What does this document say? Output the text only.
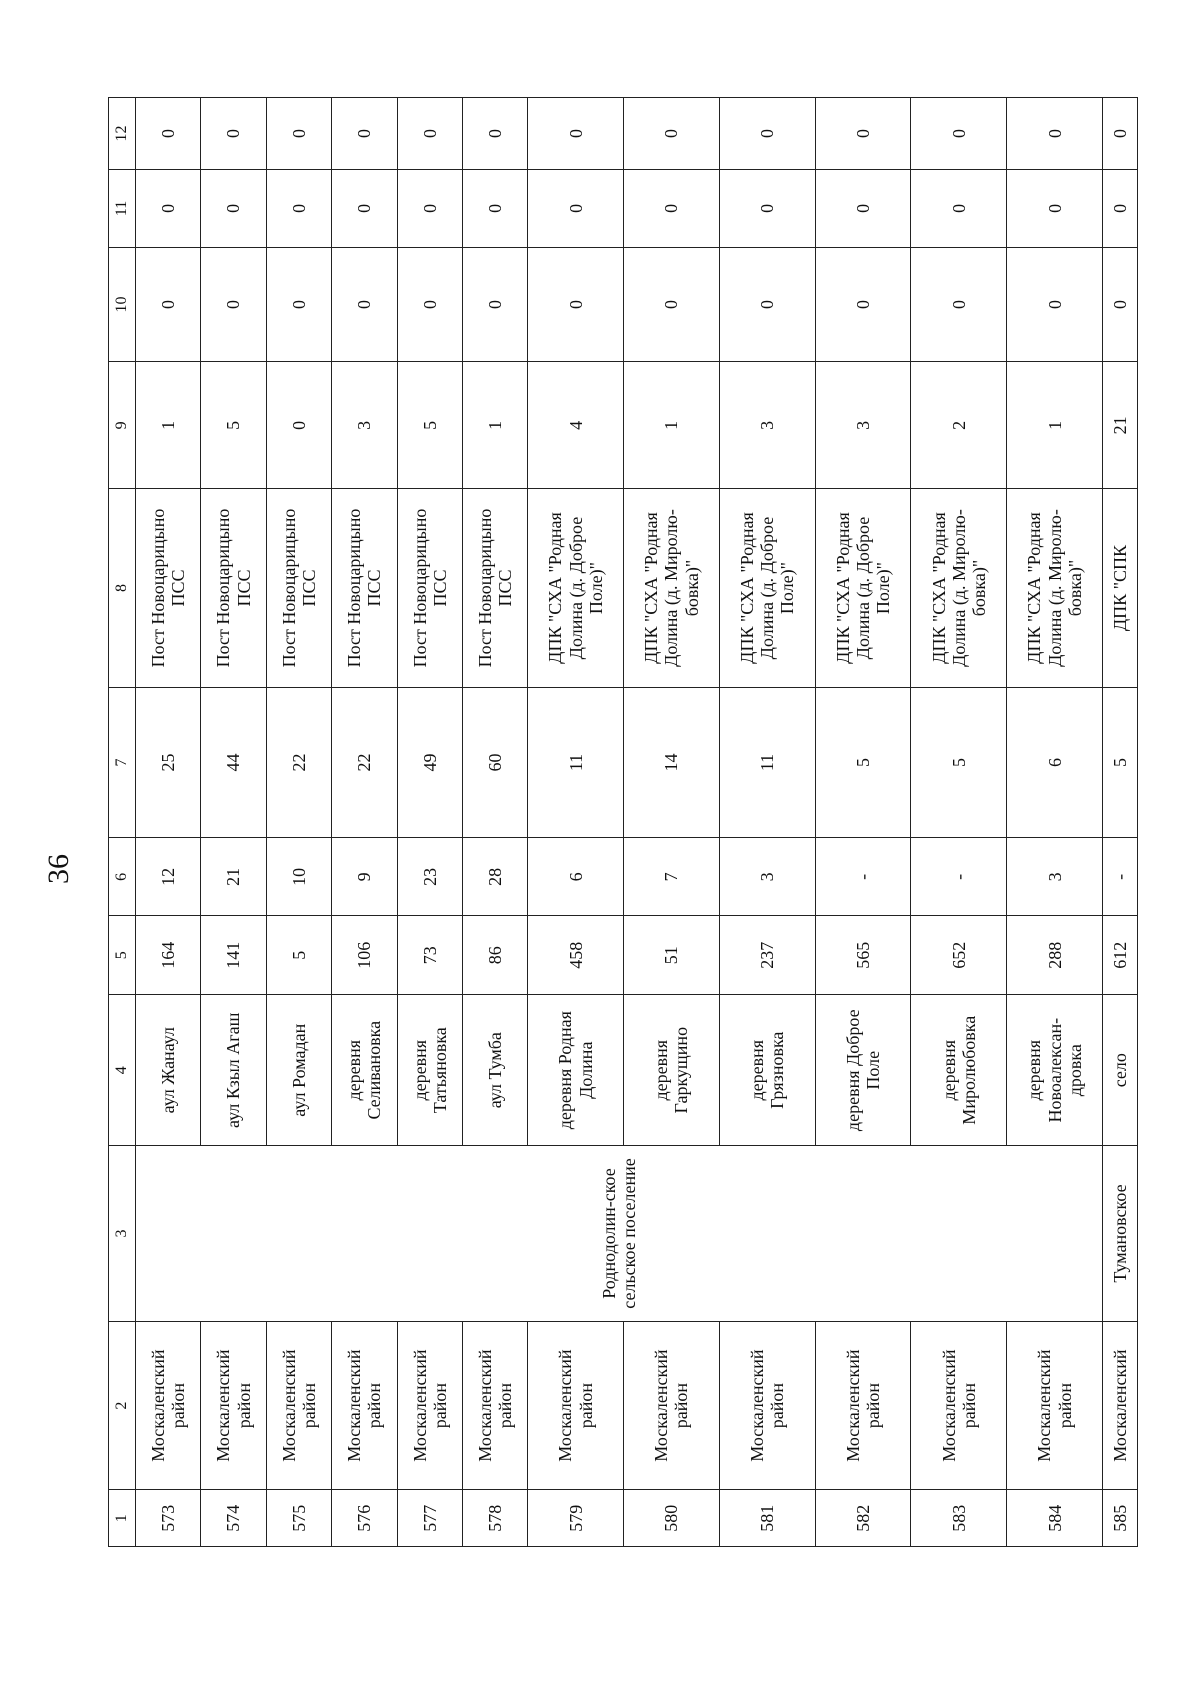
36
1	2	3	4	5	6	7	8	9	10	11	12
573	Москаленский район	Роднодолин-ское сельское поселение	аул Жанаул	164	12	25	Пост Новоцарицыно ПСС	1	0	0	0
574	Москаленский район		аул Кзыл Агаш	141	21	44	Пост Новоцарицыно ПСС	5	0	0	0
575	Москаленский район		аул Ромадан	5	10	22	Пост Новоцарицыно ПСС	0	0	0	0
576	Москаленский район		деревня Селивановка	106	9	22	Пост Новоцарицыно ПСС	3	0	0	0
577	Москаленский район		деревня Татьяновка	73	23	49	Пост Новоцарицыно ПСС	5	0	0	0
578	Москаленский район		аул Тумба	86	28	60	Пост Новоцарицыно ПСС	1	0	0	0
579	Москаленский район		деревня Родная Долина	458	6	11	ДПК "СХА "Родная Долина (д. Доброе Поле)"	4	0	0	0
580	Москаленский район		деревня Гаркущино	51	7	14	ДПК "СХА "Родная Долина (д. Миролю-бовка)"	1	0	0	0
581	Москаленский район		деревня Грязновка	237	3	11	ДПК "СХА "Родная Долина (д. Доброе Поле)"	3	0	0	0
582	Москаленский район		деревня Доброе Поле	565	-	5	ДПК "СХА "Родная Долина (д. Доброе Поле)"	3	0	0	0
583	Москаленский район		деревня Миролюбовка	652	-	5	ДПК "СХА "Родная Долина (д. Миролю-бовка)"	2	0	0	0
584	Москаленский район		деревня Новоалексан-дровка	288	3	6	ДПК "СХА "Родная Долина (д. Миролю-бовка)"	1	0	0	0
585	Москаленский	Тумановское	село	612	-	5	ДПК "СПК	21	0	0	0
